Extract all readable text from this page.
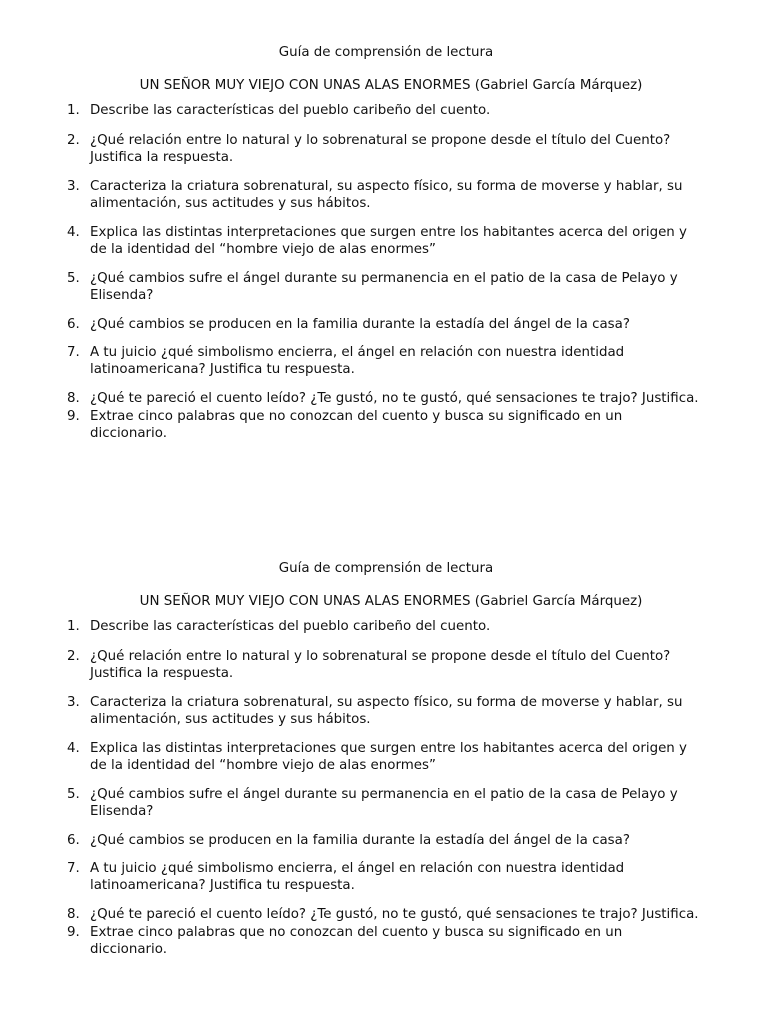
Guía de comprensión de lectura

UN SEÑOR MUY VIEJO CON UNAS ALAS ENORMES (Gabriel García Márquez)

1. Describe las características del pueblo caribeño del cuento.
2. ¿Qué relación entre lo natural y lo sobrenatural se propone desde el título del Cuento?
Justifica la respuesta.
3. Caracteriza la criatura sobrenatural, su aspecto físico, su forma de moverse y hablar, su
alimentación, sus actitudes y sus hábitos.
4. Explica las distintas interpretaciones que surgen entre los habitantes acerca del origen y
de la identidad del “hombre viejo de alas enormes”
5. ¿Qué cambios sufre el ángel durante su permanencia en el patio de la casa de Pelayo y
Elisenda?
6. ¿Qué cambios se producen en la familia durante la estadía del ángel de la casa?
7. A tu juicio ¿qué simbolismo encierra, el ángel en relación con nuestra identidad
latinoamericana? Justifica tu respuesta.
8. ¿Qué te pareció el cuento leído? ¿Te gustó, no te gustó, qué sensaciones te trajo? Justifica.
9. Extrae cinco palabras que no conozcan del cuento y busca su significado en un
diccionario.

Guía de comprensión de lectura

UN SEÑOR MUY VIEJO CON UNAS ALAS ENORMES (Gabriel García Márquez)

1. Describe las características del pueblo caribeño del cuento.
2. ¿Qué relación entre lo natural y lo sobrenatural se propone desde el título del Cuento?
Justifica la respuesta.
3. Caracteriza la criatura sobrenatural, su aspecto físico, su forma de moverse y hablar, su
alimentación, sus actitudes y sus hábitos.
4. Explica las distintas interpretaciones que surgen entre los habitantes acerca del origen y
de la identidad del “hombre viejo de alas enormes”
5. ¿Qué cambios sufre el ángel durante su permanencia en el patio de la casa de Pelayo y
Elisenda?
6. ¿Qué cambios se producen en la familia durante la estadía del ángel de la casa?
7. A tu juicio ¿qué simbolismo encierra, el ángel en relación con nuestra identidad
latinoamericana? Justifica tu respuesta.
8. ¿Qué te pareció el cuento leído? ¿Te gustó, no te gustó, qué sensaciones te trajo? Justifica.
9. Extrae cinco palabras que no conozcan del cuento y busca su significado en un
diccionario.
